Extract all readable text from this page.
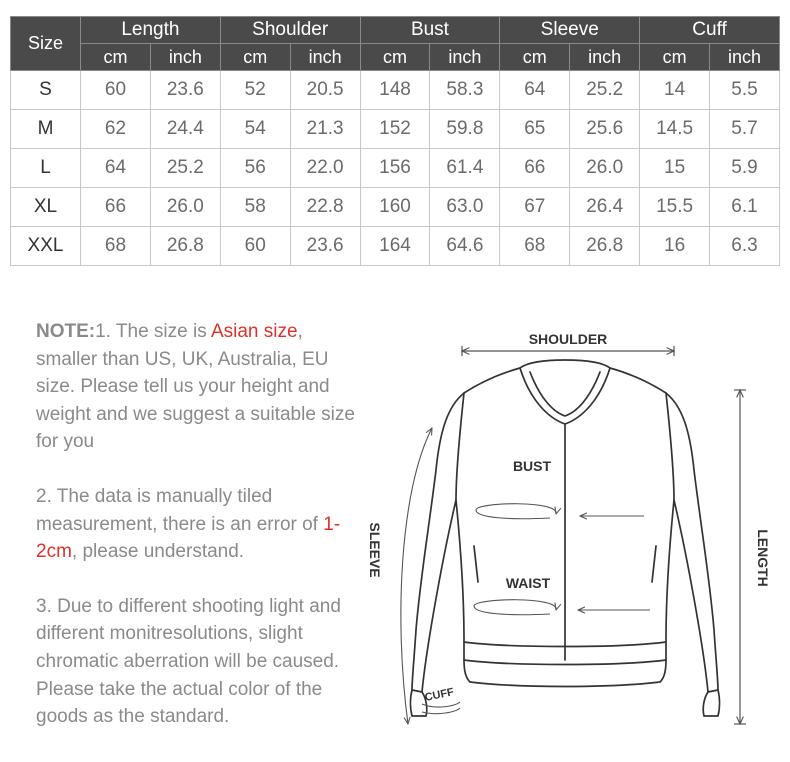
Size	Length		Shoulder		Bust		Sleeve		Cuff	
	cm	inch	cm	inch	cm	inch	cm	inch	cm	inch
S	60	23.6	52	20.5	148	58.3	64	25.2	14	5.5
M	62	24.4	54	21.3	152	59.8	65	25.6	14.5	5.7
L	64	25.2	56	22.0	156	61.4	66	26.0	15	5.9
XL	66	26.0	58	22.8	160	63.0	67	26.4	15.5	6.1
XXL	68	26.8	60	23.6	164	64.6	68	26.8	16	6.3

NOTE:1. The size is Asian size, smaller than US, UK, Australia, EU size. Please tell us your height and weight and we suggest a suitable size for you

2. The data is manually tiled measurement, there is an error of 1-2cm, please understand.

3. Due to different shooting light and different monitresolutions, slight chromatic aberration will be caused. Please take the actual color of the goods as the standard.

SHOULDER
BUST
WAIST
SLEEVE	LENGTH
CUFF
